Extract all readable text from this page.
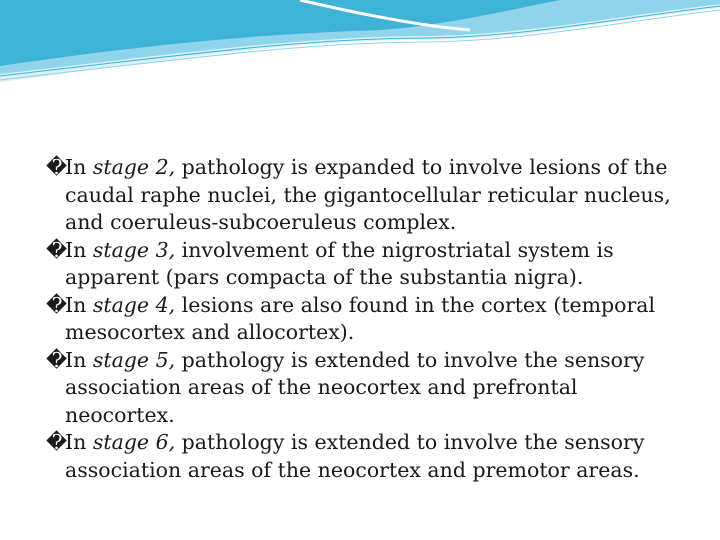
�
In stage 2, pathology is expanded to involve lesions of the caudal raphe nuclei, the gigantocellular reticular nucleus, and coeruleus-subcoeruleus complex.

�
In stage 3, involvement of the nigrostriatal system is apparent (pars compacta of the substantia nigra).

�
In stage 4, lesions are also found in the cortex (temporal mesocortex and allocortex).

�
In stage 5, pathology is extended to involve the sensory association areas of the neocortex and prefrontal neocortex.

�
In stage 6, pathology is extended to involve the sensory association areas of the neocortex and premotor areas.
